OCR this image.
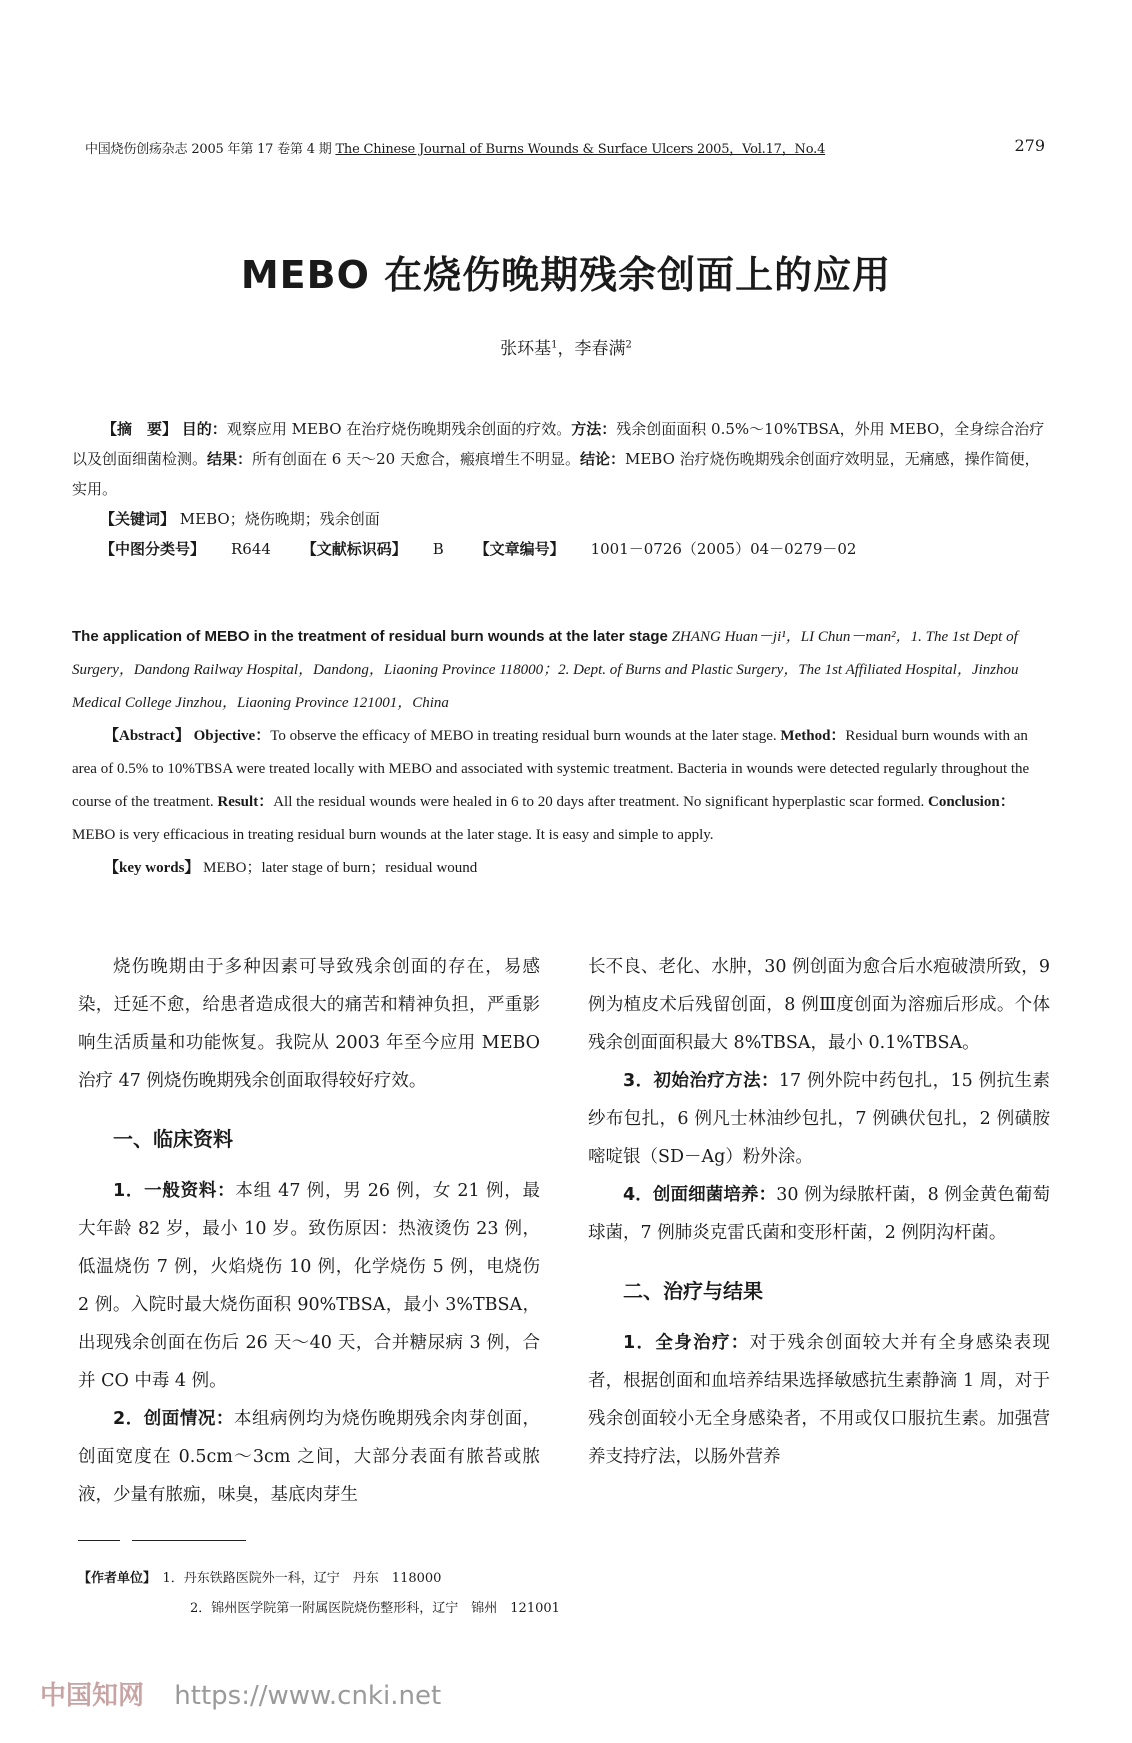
中国烧伤创疡杂志 2005 年第 17 卷第 4 期 The Chinese Journal of Burns Wounds & Surface Ulcers 2005，Vol.17，No.4	279
MEBO 在烧伤晚期残余创面上的应用
张环基$^1$，李春满$^2$

【摘　要】 目的：观察应用 MEBO 在治疗烧伤晚期残余创面的疗效。方法：残余创面面积 0.5%～10%TBSA，外用 MEBO，全身综合治疗以及创面细菌检测。结果：所有创面在 6 天～20 天愈合，瘢痕增生不明显。结论：MEBO 治疗烧伤晚期残余创面疗效明显，无痛感，操作简便，实用。

【关键词】 MEBO；烧伤晚期；残余创面

【中图分类号】 R644 【文献标识码】 B 【文章编号】 1001－0726（2005）04－0279－02

The application of MEBO in the treatment of residual burn wounds at the later stage ZHANG Huan－ji¹，LI Chun－man²，1. The 1st Dept of Surgery，Dandong Railway Hospital，Dandong，Liaoning Province 118000；2. Dept. of Burns and Plastic Surgery，The 1st Affiliated Hospital，Jinzhou Medical College Jinzhou，Liaoning Province 121001，China

【Abstract】 Objective：To observe the efficacy of MEBO in treating residual burn wounds at the later stage. Method：Residual burn wounds with an area of 0.5% to 10%TBSA were treated locally with MEBO and associated with systemic treatment. Bacteria in wounds were detected regularly throughout the course of the treatment. Result：All the residual wounds were healed in 6 to 20 days after treatment. No significant hyperplastic scar formed. Conclusion：MEBO is very efficacious in treating residual burn wounds at the later stage. It is easy and simple to apply.

【key words】 MEBO；later stage of burn；residual wound

烧伤晚期由于多种因素可导致残余创面的存在，易感染，迁延不愈，给患者造成很大的痛苦和精神负担，严重影响生活质量和功能恢复。我院从 2003 年至今应用 MEBO 治疗 47 例烧伤晚期残余创面取得较好疗效。

一、临床资料

1．一般资料：本组 47 例，男 26 例，女 21 例，最大年龄 82 岁，最小 10 岁。致伤原因：热液烫伤 23 例，低温烧伤 7 例，火焰烧伤 10 例，化学烧伤 5 例，电烧伤 2 例。入院时最大烧伤面积 90%TBSA，最小 3%TBSA，出现残余创面在伤后 26 天～40 天，合并糖尿病 3 例，合并 CO 中毒 4 例。

2．创面情况：本组病例均为烧伤晚期残余肉芽创面，创面宽度在 0.5cm～3cm 之间，大部分表面有脓苔或脓液，少量有脓痂，味臭，基底肉芽生

长不良、老化、水肿，30 例创面为愈合后水疱破溃所致，9 例为植皮术后残留创面，8 例Ⅲ度创面为溶痂后形成。个体残余创面面积最大 8%TBSA，最小 0.1%TBSA。

3．初始治疗方法：17 例外院中药包扎，15 例抗生素纱布包扎，6 例凡士林油纱包扎，7 例碘伏包扎，2 例磺胺嘧啶银（SD－Ag）粉外涂。

4．创面细菌培养：30 例为绿脓杆菌，8 例金黄色葡萄球菌，7 例肺炎克雷氏菌和变形杆菌，2 例阴沟杆菌。

二、治疗与结果

1．全身治疗：对于残余创面较大并有全身感染表现者，根据创面和血培养结果选择敏感抗生素静滴 1 周，对于残余创面较小无全身感染者，不用或仅口服抗生素。加强营养支持疗法，以肠外营养

【作者单位】　 1．丹东铁路医院外一科，辽宁　丹东　118000

2．锦州医学院第一附属医院烧伤整形科，辽宁　锦州　121001

中国知网 https://www.cnki.net
